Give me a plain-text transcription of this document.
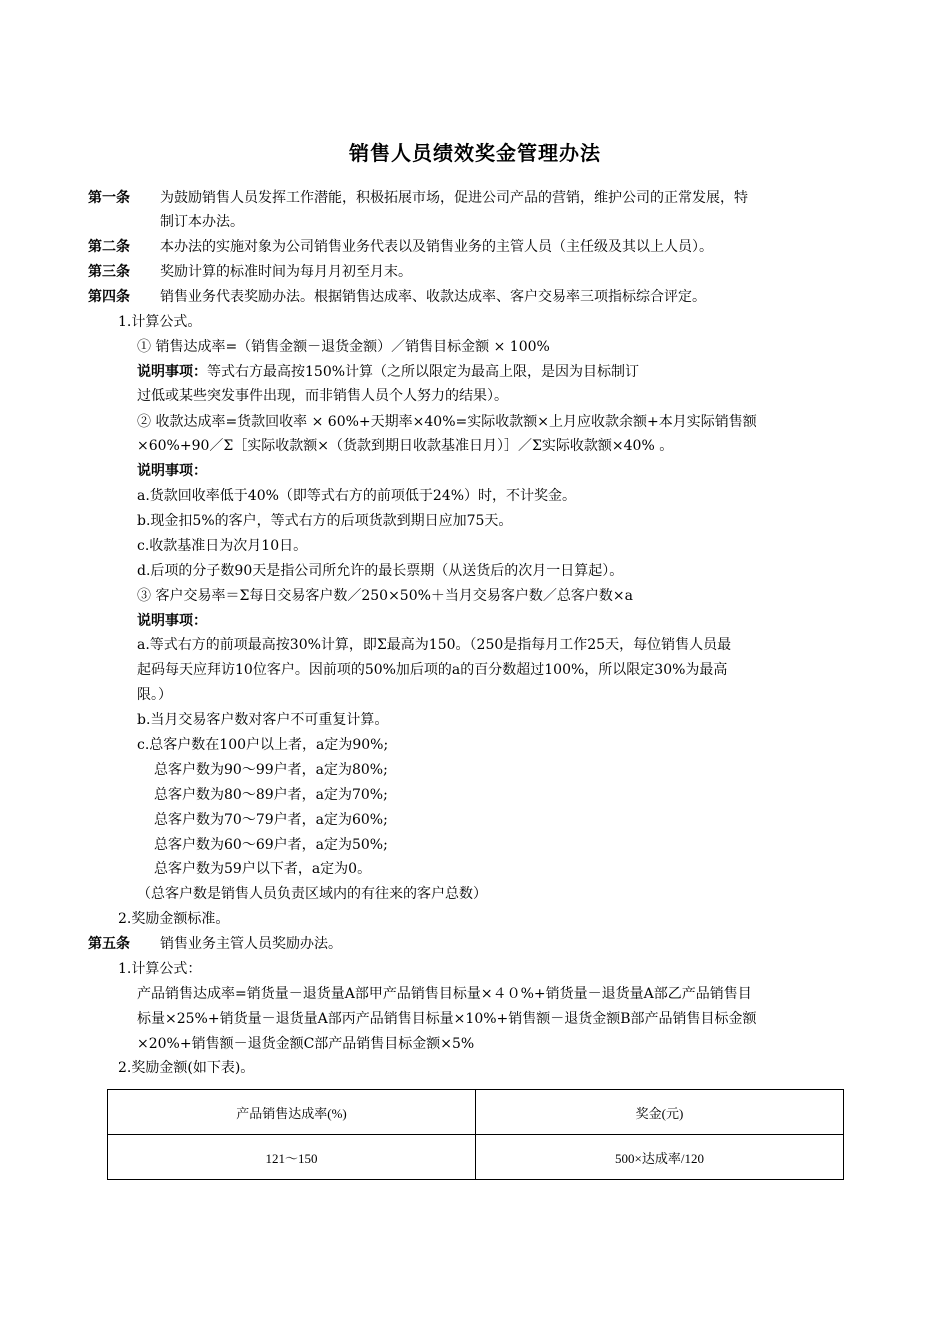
销售人员绩效奖金管理办法
第一条 为鼓励销售人员发挥工作潜能，积极拓展市场，促进公司产品的营销，维护公司的正常发展，特
制订本办法。
第二条 本办法的实施对象为公司销售业务代表以及销售业务的主管人员（主任级及其以上人员）。
第三条 奖励计算的标准时间为每月月初至月末。
第四条 销售业务代表奖励办法。根据销售达成率、收款达成率、客户交易率三项指标综合评定。
1.计算公式。
① 销售达成率=（销售金额－退货金额）／销售目标金额 × 100%
说明事项：等式右方最高按150%计算（之所以限定为最高上限，是因为目标制订
过低或某些突发事件出现，而非销售人员个人努力的结果）。
② 收款达成率=货款回收率 × 60%+天期率×40%=实际收款额×上月应收款余额+本月实际销售额
×60%+90／Σ［实际收款额×（货款到期日收款基准日月）］／Σ实际收款额×40% 。
说明事项：
a.货款回收率低于40%（即等式右方的前项低于24%）时，不计奖金。
b.现金扣5%的客户，等式右方的后项货款到期日应加75天。
c.收款基准日为次月10日。
d.后项的分子数90天是指公司所允许的最长票期（从送货后的次月一日算起）。
③ 客户交易率＝Σ每日交易客户数／250×50%＋当月交易客户数／总客户数×a
说明事项：
a.等式右方的前项最高按30%计算，即Σ最高为150。（250是指每月工作25天，每位销售人员最
起码每天应拜访10位客户。因前项的50%加后项的a的百分数超过100%，所以限定30%为最高
限。）
b.当月交易客户数对客户不可重复计算。
c.总客户数在100户以上者，a定为90%;
总客户数为90～99户者，a定为80%;
总客户数为80～89户者，a定为70%;
总客户数为70～79户者，a定为60%;
总客户数为60～69户者，a定为50%;
总客户数为59户以下者，a定为0。
（总客户数是销售人员负责区域内的有往来的客户总数）
2.奖励金额标准。
第五条 销售业务主管人员奖励办法。
1.计算公式：
产品销售达成率=销货量－退货量A部甲产品销售目标量×４０%+销货量－退货量A部乙产品销售目
标量×25%+销货量－退货量A部丙产品销售目标量×10%+销售额－退货金额B部产品销售目标金额
×20%+销售额－退货金额C部产品销售目标金额×5%
2.奖励金额(如下表)。
产品销售达成率(%)	奖金(元)
121～150	500×达成率/120
